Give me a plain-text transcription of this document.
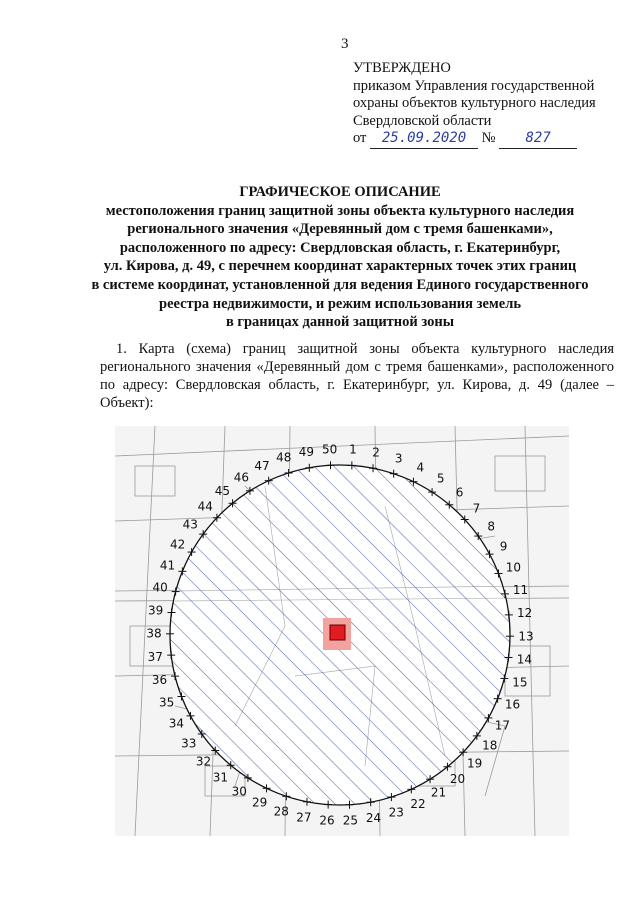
3
УТВЕРЖДЕНО
приказом Управления государственной
охраны объектов культурного наследия
Свердловской области
от 25.09.2020 № 827
ГРАФИЧЕСКОЕ ОПИСАНИЕ
местоположения границ защитной зоны объекта культурного наследия
регионального значения «Деревянный дом с тремя башенками»,
расположенного по адресу: Свердловская область, г. Екатеринбург,
ул. Кирова, д. 49, с перечнем координат характерных точек этих границ
в системе координат, установленной для ведения Единого государственного
реестра недвижимости, и режим использования земель
в границах данной защитной зоны
1. Карта (схема) границ защитной зоны объекта культурного наследия регионального значения «Деревянный дом с тремя башенками», расположенного по адресу: Свердловская область, г. Екатеринбург, ул. Кирова, д. 49 (далее – Объект):
1 2 3
4
5
6
7
8
9
10
11
12
13
14
15
16
17
18
19
20
21
22
23
24
25
26
27
28
29
30
31
32
33
34
35
36
37
38
39
40
41
42
43
44
45
46
47
48 49 50
